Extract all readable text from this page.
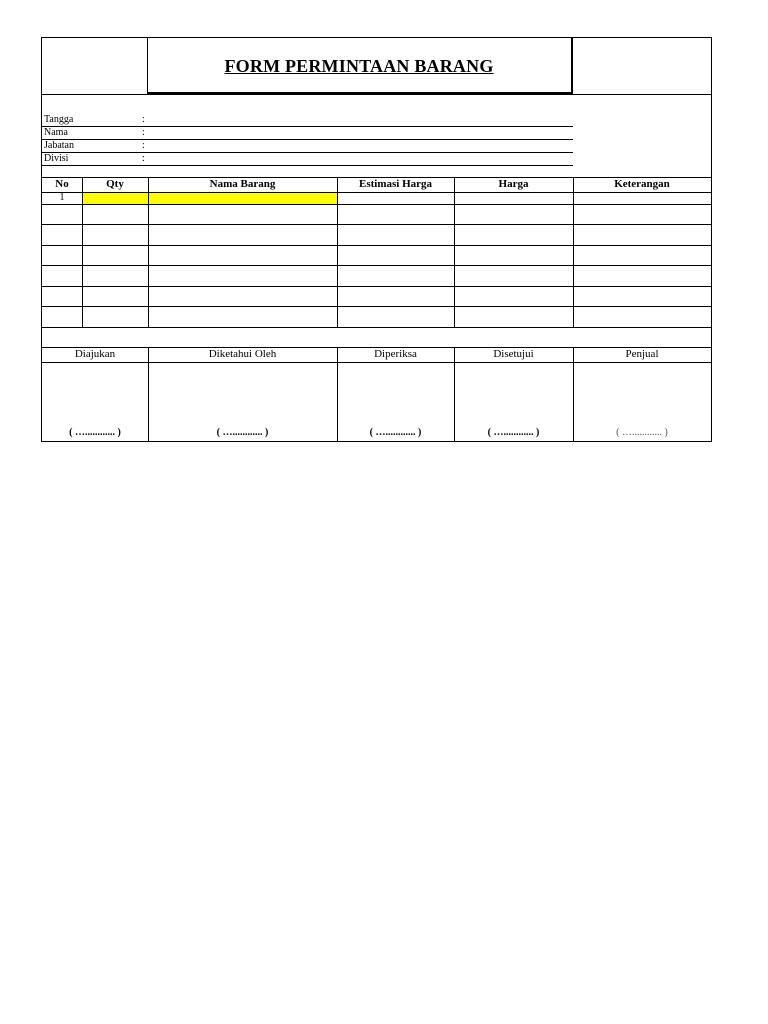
FORM PERMINTAAN BARANG
Tangga	:
Nama	:
Jabatan	:
Divisi	:
No	Qty	Nama Barang	Estimasi Harga	Harga	Keterangan
1
Diajukan	Diketahui Oleh	Diperiksa	Disetujui	Penjual
( …............ )	( …............ )	( …............ )	( …............ )	( …............ )
